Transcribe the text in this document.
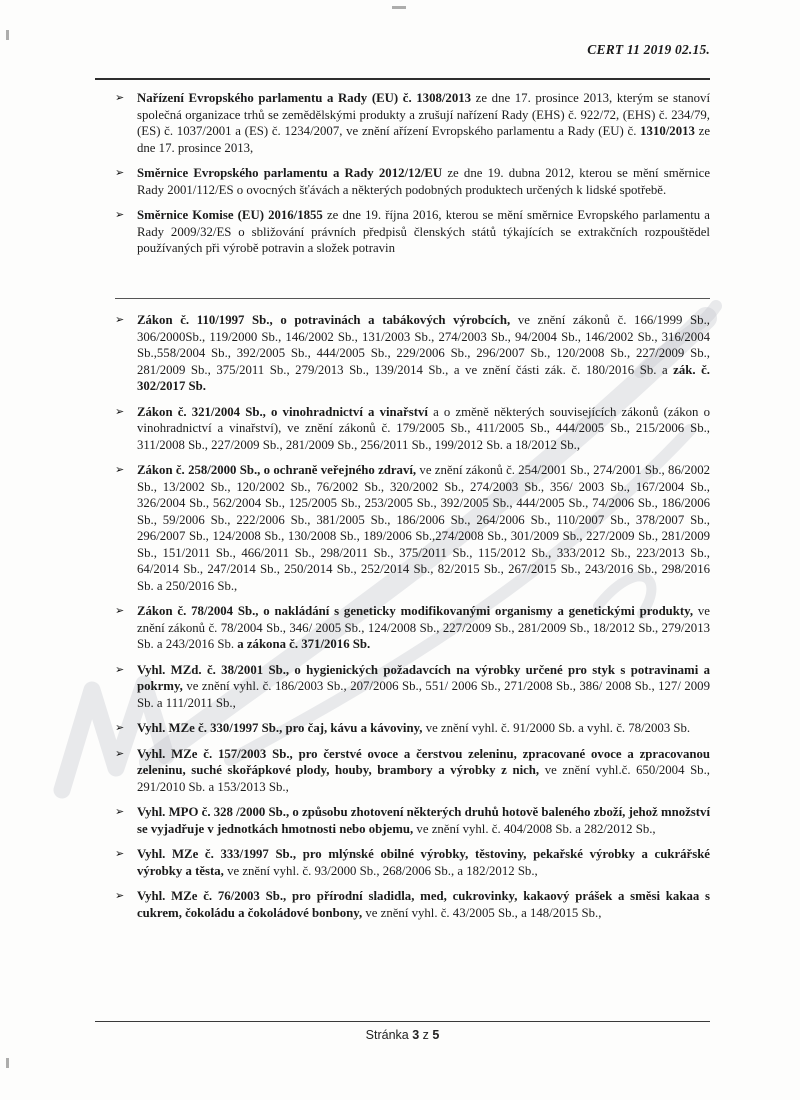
CERT 11 2019 02.15.
➢ Nařízení Evropského parlamentu a Rady (EU) č. 1308/2013 ze dne 17. prosince 2013, kterým se stanoví společná organizace trhů se zemědělskými produkty a zrušují nařízení Rady (EHS) č. 922/72, (EHS) č. 234/79, (ES) č. 1037/2001 a (ES) č. 1234/2007, ve znění ařízení Evropského parlamentu a Rady (EU) č. 1310/2013 ze dne 17. prosince 2013,
➢ Směrnice Evropského parlamentu a Rady 2012/12/EU ze dne 19. dubna 2012, kterou se mění směrnice Rady 2001/112/ES o ovocných šťávách a některých podobných produktech určených k lidské spotřebě.
➢ Směrnice Komise (EU) 2016/1855 ze dne 19. října 2016, kterou se mění směrnice Evropského parlamentu a Rady 2009/32/ES o sbližování právních předpisů členských států týkajících se extrakčních rozpouštědel používaných při výrobě potravin a složek potravin
➢ Zákon č. 110/1997 Sb., o potravinách a tabákových výrobcích, ve znění zákonů č. 166/1999 Sb., 306/2000Sb., 119/2000 Sb., 146/2002 Sb., 131/2003 Sb., 274/2003 Sb., 94/2004 Sb., 146/2002 Sb., 316/2004 Sb.,558/2004 Sb., 392/2005 Sb., 444/2005 Sb., 229/2006 Sb., 296/2007 Sb., 120/2008 Sb., 227/2009 Sb., 281/2009 Sb., 375/2011 Sb., 279/2013 Sb., 139/2014 Sb., a ve znění části zák. č. 180/2016 Sb. a zák. č. 302/2017 Sb.
➢ Zákon č. 321/2004 Sb., o vinohradnictví a vinařství a o změně některých souvisejících zákonů (zákon o vinohradnictví a vinařství), ve znění zákonů č. 179/2005 Sb., 411/2005 Sb., 444/2005 Sb., 215/2006 Sb., 311/2008 Sb., 227/2009 Sb., 281/2009 Sb., 256/2011 Sb., 199/2012 Sb. a 18/2012 Sb.,
➢ Zákon č. 258/2000 Sb., o ochraně veřejného zdraví, ve znění zákonů č. 254/2001 Sb., 274/2001 Sb., 86/2002 Sb., 13/2002 Sb., 120/2002 Sb., 76/2002 Sb., 320/2002 Sb., 274/2003 Sb., 356/ 2003 Sb., 167/2004 Sb., 326/2004 Sb., 562/2004 Sb., 125/2005 Sb., 253/2005 Sb., 392/2005 Sb., 444/2005 Sb., 74/2006 Sb., 186/2006 Sb., 59/2006 Sb., 222/2006 Sb., 381/2005 Sb., 186/2006 Sb., 264/2006 Sb., 110/2007 Sb., 378/2007 Sb., 296/2007 Sb., 124/2008 Sb., 130/2008 Sb., 189/2006 Sb.,274/2008 Sb., 301/2009 Sb., 227/2009 Sb., 281/2009 Sb., 151/2011 Sb., 466/2011 Sb., 298/2011 Sb., 375/2011 Sb., 115/2012 Sb., 333/2012 Sb., 223/2013 Sb., 64/2014 Sb., 247/2014 Sb., 250/2014 Sb., 252/2014 Sb., 82/2015 Sb., 267/2015 Sb., 243/2016 Sb., 298/2016 Sb. a 250/2016 Sb.,
➢ Zákon č. 78/2004 Sb., o nakládání s geneticky modifikovanými organismy a genetickými produkty, ve znění zákonů č. 78/2004 Sb., 346/ 2005 Sb., 124/2008 Sb., 227/2009 Sb., 281/2009 Sb., 18/2012 Sb., 279/2013 Sb. a 243/2016 Sb. a zákona č. 371/2016 Sb.
➢ Vyhl. MZd. č. 38/2001 Sb., o hygienických požadavcích na výrobky určené pro styk s potravinami a pokrmy, ve znění vyhl. č. 186/2003 Sb., 207/2006 Sb., 551/ 2006 Sb., 271/2008 Sb., 386/ 2008 Sb., 127/ 2009 Sb. a 111/2011 Sb.,
➢ Vyhl. MZe č. 330/1997 Sb., pro čaj, kávu a kávoviny, ve znění vyhl. č. 91/2000 Sb. a vyhl. č. 78/2003 Sb.
➢ Vyhl. MZe č. 157/2003 Sb., pro čerstvé ovoce a čerstvou zeleninu, zpracované ovoce a zpracovanou zeleninu, suché skořápkové plody, houby, brambory a výrobky z nich, ve znění vyhl.č. 650/2004 Sb., 291/2010 Sb. a 153/2013 Sb.,
➢ Vyhl. MPO č. 328 /2000 Sb., o způsobu zhotovení některých druhů hotově baleného zboží, jehož množství se vyjadřuje v jednotkách hmotnosti nebo objemu, ve znění vyhl. č. 404/2008 Sb. a 282/2012 Sb.,
➢ Vyhl. MZe č. 333/1997 Sb., pro mlýnské obilné výrobky, těstoviny, pekařské výrobky a cukrářské výrobky a těsta, ve znění vyhl. č. 93/2000 Sb., 268/2006 Sb., a 182/2012 Sb.,
➢ Vyhl. MZe č. 76/2003 Sb., pro přírodní sladidla, med, cukrovinky, kakaový prášek a směsi kakaa s cukrem, čokoládu a čokoládové bonbony, ve znění vyhl. č. 43/2005 Sb., a 148/2015 Sb.,
Stránka 3 z 5
